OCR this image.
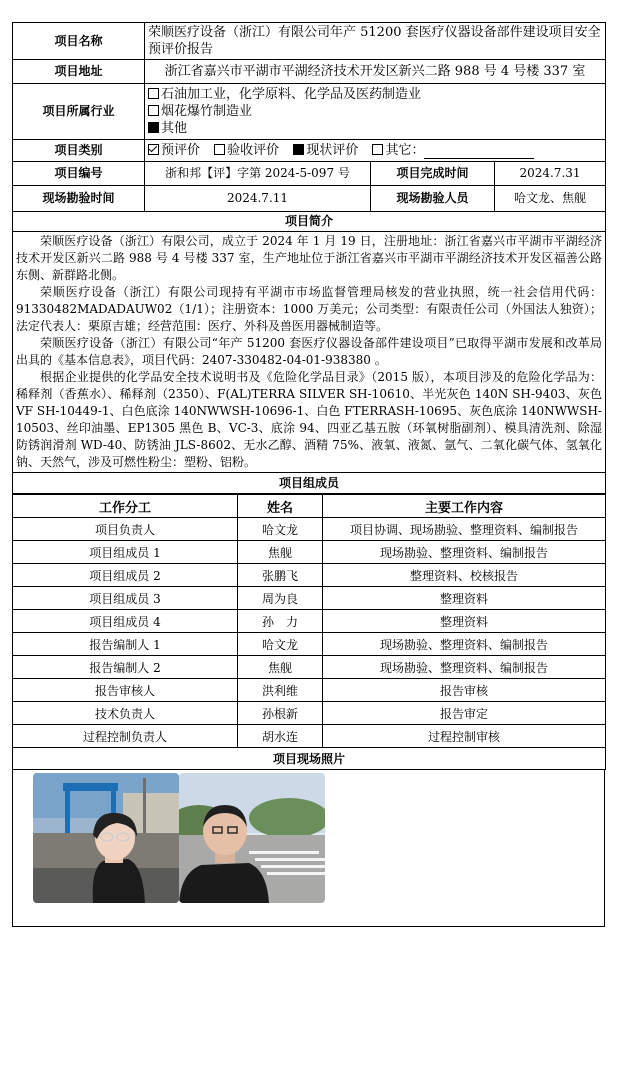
项目名称	荣顺医疗设备（浙江）有限公司年产 51200 套医疗仪器设备部件建设项目安全预评价报告		
项目地址	浙江省嘉兴市平湖市平湖经济技术开发区新兴二路 988 号 4 号楼 337 室		
项目所属行业	石油加工业，化学原料、化学品及医药制造业
烟花爆竹制造业
其他		

项目类别	预评价 验收评价 现状评价 其它：		
项目编号	浙和邦【评】字第 2024-5-097 号	项目完成时间	2024.7.31
现场勘验时间	2024.7.11	现场勘验人员	哈文龙、焦舰
项目简介			

荣顺医疗设备（浙江）有限公司，成立于 2024 年 1 月 19 日，注册地址：浙江省嘉兴市平湖市平湖经济技术开发区新兴二路 988 号 4 号楼 337 室，生产地址位于浙江省嘉兴市平湖市平湖经济技术开发区福善公路东侧、新群路北侧。

荣顺医疗设备（浙江）有限公司现持有平湖市市场监督管理局核发的营业执照，统一社会信用代码：91330482MADADAUW02（1/1）；注册资本：1000 万美元；公司类型：有限责任公司（外国法人独资）；法定代表人：栗原吉雄；经营范围：医疗、外科及兽医用器械制造等。

荣顺医疗设备（浙江）有限公司“年产 51200 套医疗仪器设备部件建设项目”已取得平湖市发展和改革局出具的《基本信息表》，项目代码：2407-330482-04-01-938380 。

根据企业提供的化学品安全技术说明书及《危险化学品目录》（2015 版），本项目涉及的危险化学品为：稀释剂（香蕉水）、稀释剂（2350）、F(AL)TERRA SILVER SH-10610、半光灰色 140N SH-9403、灰色 VF SH-10449-1、白色底涂 140NWWSH-10696-1、白色 FTERRASH-10695、灰色底涂 140NWWSH-10503、丝印油墨、EP1305 黑色 B、VC-3、底涂 94、四亚乙基五胺（环氧树脂副剂）、模具清洗剂、除湿防锈润滑剂 WD-40、防锈油 JLS-8602、无水乙醇、酒精 75%、液氧、液氮、氩气、二氧化碳气体、氢氧化钠、天然气，涉及可燃性粉尘：塑粉、铝粉。			

项目组成员			
工作分工	姓名	主要工作内容
项目负责人	哈文龙	项目协调、现场勘验、整理资料、编制报告
项目组成员 1	焦舰	现场勘验、整理资料、编制报告
项目组成员 2	张鹏飞	整理资料、校核报告
项目组成员 3	周为良	整理资料
项目组成员 4	孙　力	整理资料
报告编制人 1	哈文龙	现场勘验、整理资料、编制报告
报告编制人 2	焦舰	现场勘验、整理资料、编制报告
报告审核人	洪利维	报告审核
技术负责人	孙根新	报告审定
过程控制负责人	胡水连	过程控制审核
项目现场照片		
